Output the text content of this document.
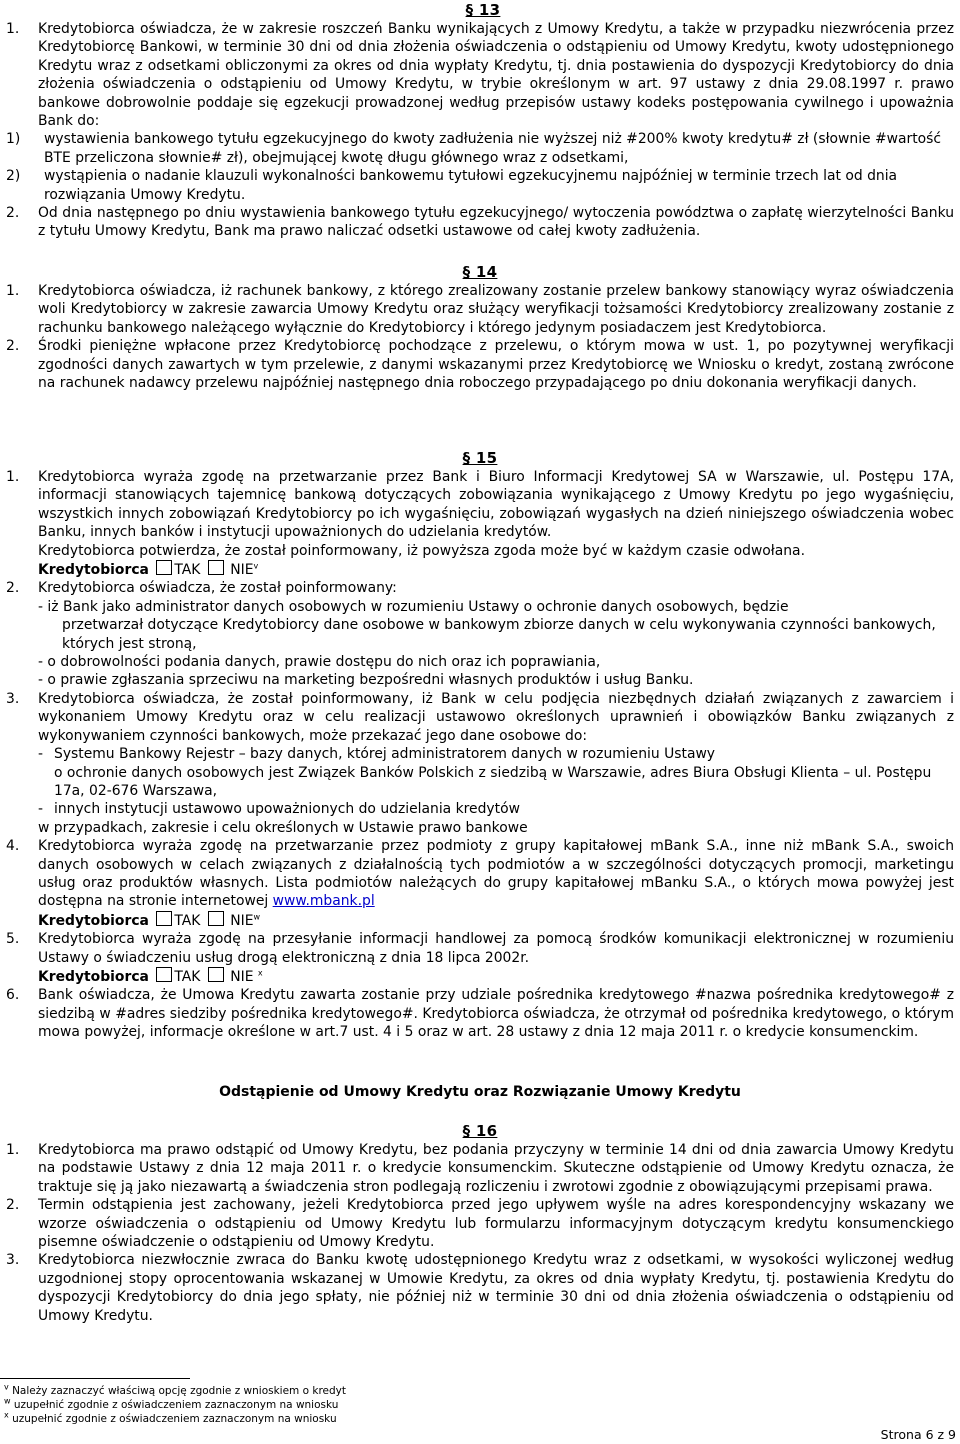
§ 13
1.	Kredytobiorca oświadcza, że w zakresie roszczeń Banku wynikających z Umowy Kredytu, a także w przypadku niezwrócenia przez Kredytobiorcę Bankowi, w terminie 30 dni od dnia złożenia oświadczenia o odstąpieniu od Umowy Kredytu, kwoty udostępnionego Kredytu wraz z odsetkami obliczonymi za okres od dnia wypłaty Kredytu, tj. dnia postawienia do dyspozycji Kredytobiorcy do dnia złożenia oświadczenia o odstąpieniu od Umowy Kredytu, w trybie określonym w art. 97 ustawy z dnia 29.08.1997 r. prawo bankowe dobrowolnie poddaje się egzekucji prowadzonej według przepisów ustawy kodeks postępowania cywilnego i upoważnia Bank do:
1)	wystawienia bankowego tytułu egzekucyjnego do kwoty zadłużenia nie wyższej niż #200% kwoty kredytu# zł (słownie #wartość BTE przeliczona słownie# zł), obejmującej kwotę długu głównego wraz z odsetkami,
2)	wystąpienia o nadanie klauzuli wykonalności bankowemu tytułowi egzekucyjnemu najpóźniej w terminie trzech lat od dnia rozwiązania Umowy Kredytu.
2.	Od dnia następnego po dniu wystawienia bankowego tytułu egzekucyjnego/ wytoczenia powództwa o zapłatę wierzytelności Banku z tytułu Umowy Kredytu, Bank ma prawo naliczać odsetki ustawowe od całej kwoty zadłużenia.
§ 14
1.	Kredytobiorca oświadcza, iż rachunek bankowy, z którego zrealizowany zostanie przelew bankowy stanowiący wyraz oświadczenia woli Kredytobiorcy w zakresie zawarcia Umowy Kredytu oraz służący weryfikacji tożsamości Kredytobiorcy zrealizowany zostanie z rachunku bankowego należącego wyłącznie do Kredytobiorcy i którego jedynym posiadaczem jest Kredytobiorca.
2.	Środki pieniężne wpłacone przez Kredytobiorcę pochodzące z przelewu, o którym mowa w ust. 1, po pozytywnej weryfikacji zgodności danych zawartych w tym przelewie, z danymi wskazanymi przez Kredytobiorcę we Wniosku o kredyt, zostaną zwrócone na rachunek nadawcy przelewu najpóźniej następnego dnia roboczego przypadającego po dniu dokonania weryfikacji danych.
§ 15
1.	Kredytobiorca wyraża zgodę na przetwarzanie przez Bank i Biuro Informacji Kredytowej SA w Warszawie, ul. Postępu 17A, informacji stanowiących tajemnicę bankową dotyczących zobowiązania wynikającego z Umowy Kredytu po jego wygaśnięciu, wszystkich innych zobowiązań Kredytobiorcy po ich wygaśnięciu, zobowiązań wygasłych na dzień niniejszego oświadczenia wobec Banku, innych banków i instytucji upoważnionych do udzielania kredytów.
Kredytobiorca potwierdza, że został poinformowany, iż powyższa zgoda może być w każdym czasie odwołana.
Kredytobiorca TAK NIE$^v$
2.	Kredytobiorca oświadcza, że został poinformowany:
- iż Bank jako administrator danych osobowych w rozumieniu Ustawy o ochronie danych osobowych, będzie
przetwarzał dotyczące Kredytobiorcy dane osobowe w bankowym zbiorze danych w celu wykonywania czynności bankowych, których jest stroną,
- o dobrowolności podania danych, prawie dostępu do nich oraz ich poprawiania,
- o prawie zgłaszania sprzeciwu na marketing bezpośredni własnych produktów i usług Banku.
3.	Kredytobiorca oświadcza, że został poinformowany, iż Bank w celu podjęcia niezbędnych działań związanych z zawarciem i wykonaniem Umowy Kredytu oraz w celu realizacji ustawowo określonych uprawnień i obowiązków Banku związanych z wykonywaniem czynności bankowych, może przekazać jego dane osobowe do:
- Systemu Bankowy Rejestr – bazy danych, której administratorem danych w rozumieniu Ustawy
o ochronie danych osobowych jest Związek Banków Polskich z siedzibą w Warszawie, adres Biura Obsługi Klienta – ul. Postępu 17a, 02-676 Warszawa,
- innych instytucji ustawowo upoważnionych do udzielania kredytów
w przypadkach, zakresie i celu określonych w Ustawie prawo bankowe
4.	Kredytobiorca wyraża zgodę na przetwarzanie przez podmioty z grupy kapitałowej mBank S.A., inne niż mBank S.A., swoich danych osobowych w celach związanych z działalnością tych podmiotów a w szczególności dotyczących promocji, marketingu usług oraz produktów własnych. Lista podmiotów należących do grupy kapitałowej mBanku S.A., o których mowa powyżej jest dostępna na stronie internetowej www.mbank.pl
Kredytobiorca TAK NIE$^w$
5.	Kredytobiorca wyraża zgodę na przesyłanie informacji handlowej za pomocą środków komunikacji elektronicznej w rozumieniu Ustawy o świadczeniu usług drogą elektroniczną z dnia 18 lipca 2002r.
Kredytobiorca TAK NIE $^x$
6.	Bank oświadcza, że Umowa Kredytu zawarta zostanie przy udziale pośrednika kredytowego #nazwa pośrednika kredytowego# z siedzibą w #adres siedziby pośrednika kredytowego#. Kredytobiorca oświadcza, że otrzymał od pośrednika kredytowego, o którym mowa powyżej, informacje określone w art.7 ust. 4 i 5 oraz w art. 28 ustawy z dnia 12 maja 2011 r. o kredycie konsumenckim.
Odstąpienie od Umowy Kredytu oraz Rozwiązanie Umowy Kredytu
§ 16
1.	Kredytobiorca ma prawo odstąpić od Umowy Kredytu, bez podania przyczyny w terminie 14 dni od dnia zawarcia Umowy Kredytu na podstawie Ustawy z dnia 12 maja 2011 r. o kredycie konsumenckim. Skuteczne odstąpienie od Umowy Kredytu oznacza, że traktuje się ją jako niezawartą a świadczenia stron podlegają rozliczeniu i zwrotowi zgodnie z obowiązującymi przepisami prawa.
2.	Termin odstąpienia jest zachowany, jeżeli Kredytobiorca przed jego upływem wyśle na adres korespondencyjny wskazany we wzorze oświadczenia o odstąpieniu od Umowy Kredytu lub formularzu informacyjnym dotyczącym kredytu konsumenckiego pisemne oświadczenie o odstąpieniu od Umowy Kredytu.
3.	Kredytobiorca niezwłocznie zwraca do Banku kwotę udostępnionego Kredytu wraz z odsetkami, w wysokości wyliczonej według uzgodnionej stopy oprocentowania wskazanej w Umowie Kredytu, za okres od dnia wypłaty Kredytu, tj. postawienia Kredytu do dyspozycji Kredytobiorcy do dnia jego spłaty, nie później niż w terminie 30 dni od dnia złożenia oświadczenia o odstąpieniu od Umowy Kredytu.
$^v$ Należy zaznaczyć właściwą opcję zgodnie z wnioskiem o kredyt
$^w$ uzupełnić zgodnie z oświadczeniem zaznaczonym na wniosku
$^x$ uzupełnić zgodnie z oświadczeniem zaznaczonym na wniosku
Strona 6 z 9
